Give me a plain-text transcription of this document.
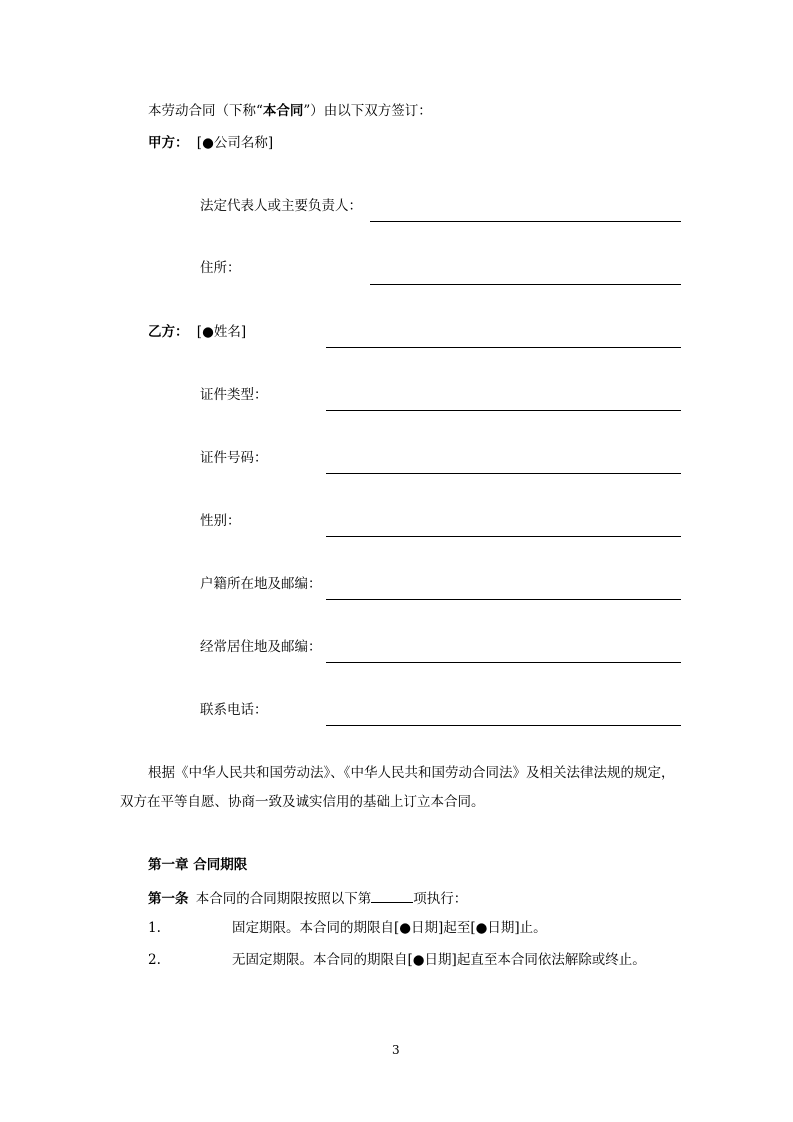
本劳动合同（下称“本合同”）由以下双方签订：
甲方： [●公司名称]
法定代表人或主要负责人：
住所：
乙方： [●姓名]
证件类型：
证件号码：
性别：
户籍所在地及邮编：
经常居住地及邮编：
联系电话：
根据《中华人民共和国劳动法》、《中华人民共和国劳动合同法》及相关法律法规的规定，
双方在平等自愿、协商一致及诚实信用的基础上订立本合同。
第一章 合同期限
第一条 本合同的合同期限按照以下第	项执行：
1.	固定期限。本合同的期限自[●日期]起至[●日期]止。
2.	无固定期限。本合同的期限自[●日期]起直至本合同依法解除或终止。
3
